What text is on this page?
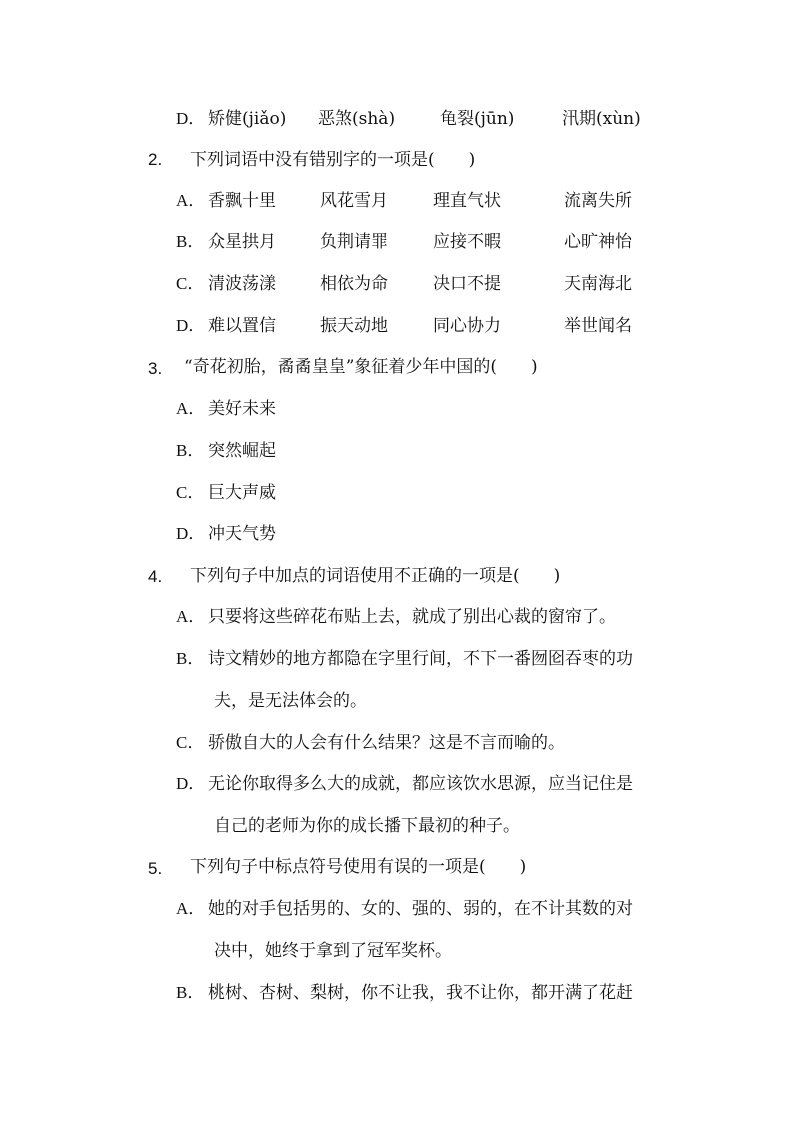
D． 矫健(jiǎo) 恶煞(shà)	龟裂(jūn)	汛期(xùn)
2. 下列词语中没有错别字的一项是(　　)
A． 香飘十里	风花雪月	理直气状	流离失所
B． 众星拱月	负荆请罪	应接不暇	心旷神怡
C． 清波荡漾	相依为命	决口不提	天南海北
D． 难以置信	振天动地	同心协力	举世闻名
3. “奇花初胎，矞矞皇皇”象征着少年中国的(　　)
A． 美好未来
B． 突然崛起
C． 巨大声威
D． 冲天气势
4. 下列句子中加点的词语使用不正确的一项是(　　)
A． 只要将这些碎花布贴上去，就成了别出心裁的窗帘了。
B． 诗文精妙的地方都隐在字里行间，不下一番囫囵吞枣的功
夫，是无法体会的。
C． 骄傲自大的人会有什么结果？这是不言而喻的。
D． 无论你取得多么大的成就，都应该饮水思源，应当记住是
自己的老师为你的成长播下最初的种子。
5. 下列句子中标点符号使用有误的一项是(　　)
A． 她的对手包括男的、女的、强的、弱的，在不计其数的对
决中，她终于拿到了冠军奖杯。
B． 桃树、杏树、梨树，你不让我，我不让你，都开满了花赶
